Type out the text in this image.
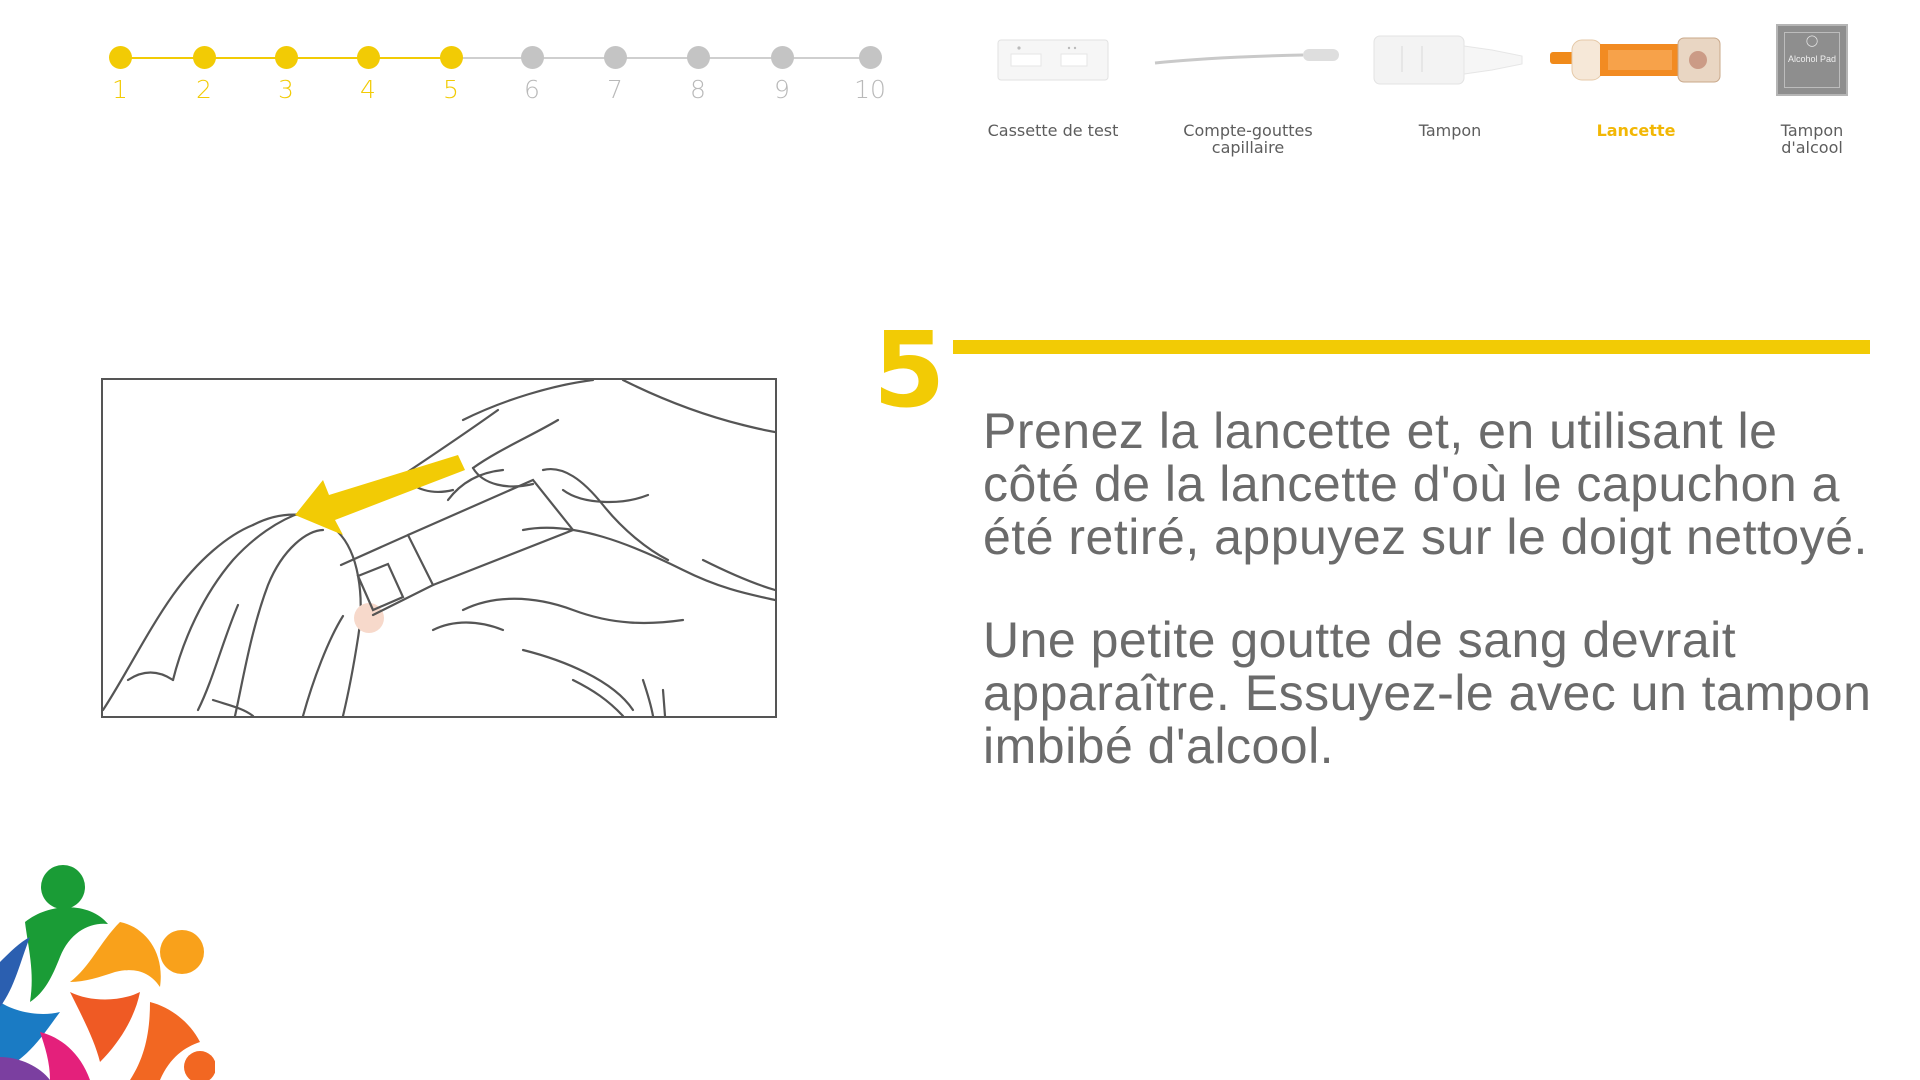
1	2	3	4	5	6	7	8	9	10
Cassette de test	Compte-gouttes capillaire
Tampon	Lancette
◯
Alcohol Pad
Tampon d'alcool
5 Prenez la lancette et, en utilisant le côté de la lancette d'où le capuchon a été retiré, appuyez sur le doigt nettoyé.

Une petite goutte de sang devrait apparaître. Essuyez-le avec un tampon imbibé d'alcool.
